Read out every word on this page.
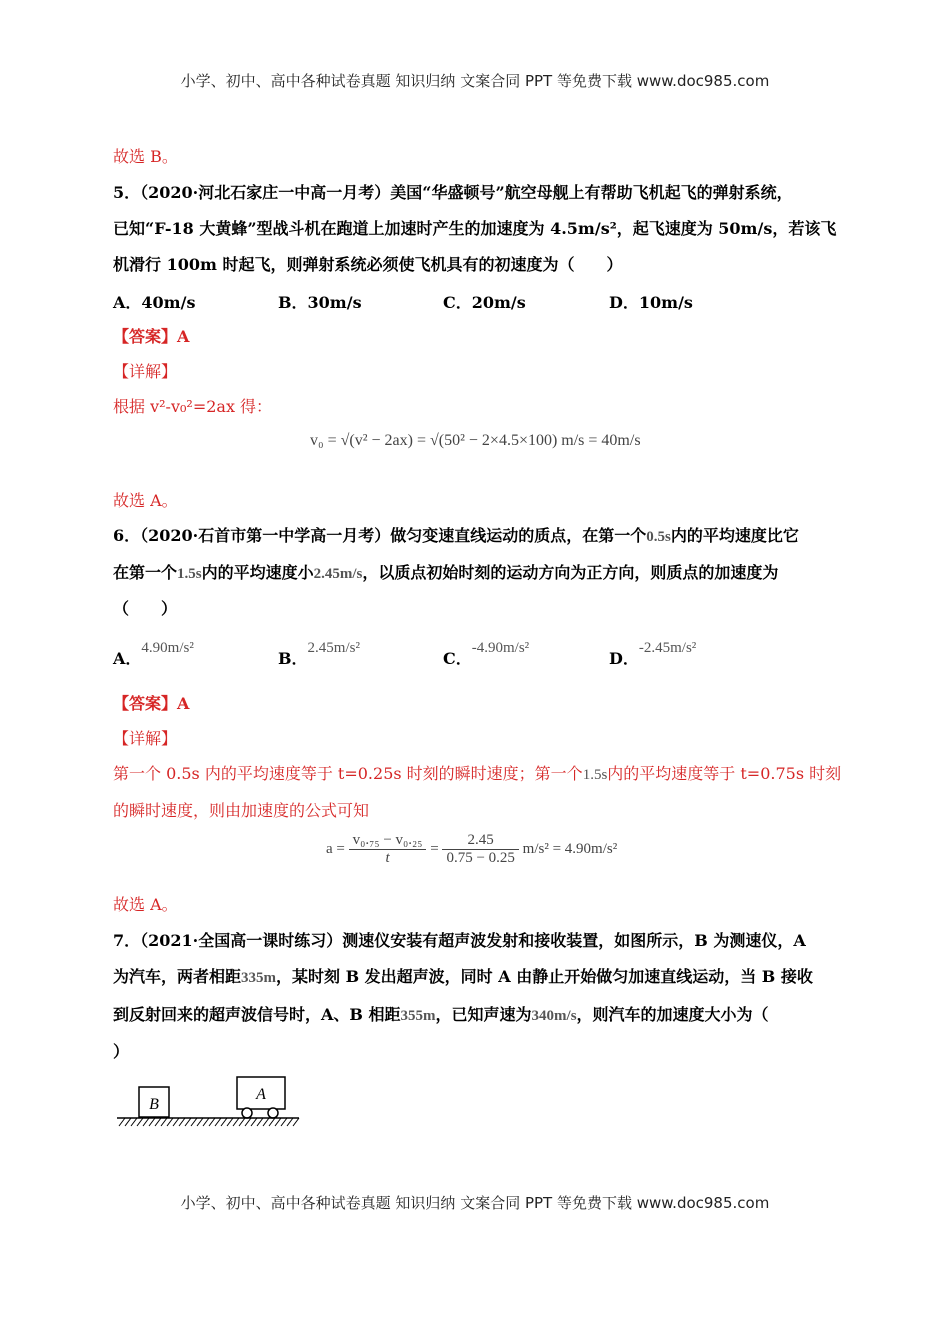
小学、初中、高中各种试卷真题 知识归纳 文案合同 PPT 等免费下载 www.doc985.com
故选 B。
5．（2020·河北石家庄一中高一月考）美国“华盛顿号”航空母舰上有帮助飞机起飞的弹射系统，
已知“F-18 大黄蜂”型战斗机在跑道上加速时产生的加速度为 4.5m/s²，起飞速度为 50m/s，若该飞
机滑行 100m 时起飞，则弹射系统必须使飞机具有的初速度为（　　）
A．40m/s	B．30m/s	C．20m/s	D．10m/s
【答案】A
【详解】
根据 v²-v₀²=2ax 得：
v₀ = √(v² − 2ax) = √(50² − 2×4.5×100) m/s = 40m/s
故选 A。
6．（2020·石首市第一中学高一月考）做匀变速直线运动的质点，在第一个0.5s内的平均速度比它
在第一个1.5s内的平均速度小2.45m/s，以质点初始时刻的运动方向为正方向，则质点的加速度为
（　　）
A．4.90m/s²
B．2.45m/s²
C．-4.90m/s²
D．-2.45m/s²
【答案】A
【详解】
第一个 0.5s 内的平均速度等于 t=0.25s 时刻的瞬时速度；第一个1.5s内的平均速度等于 t=0.75s 时刻
的瞬时速度，则由加速度的公式可知
$a = \frac{\text{v₀.₇₅ − v₀.₂₅}}{t} = \frac{2.45}{0.75 - 0.25} m/s^2 = 4.90m/s^2$
故选 A。
7．（2021·全国高一课时练习）测速仪安装有超声波发射和接收装置，如图所示，B 为测速仪，A
为汽车，两者相距335m，某时刻 B 发出超声波，同时 A 由静止开始做匀加速直线运动，当 B 接收
到反射回来的超声波信号时，A、B 相距355m，已知声速为340m/s，则汽车的加速度大小为（
）
B
A
小学、初中、高中各种试卷真题 知识归纳 文案合同 PPT 等免费下载 www.doc985.com
